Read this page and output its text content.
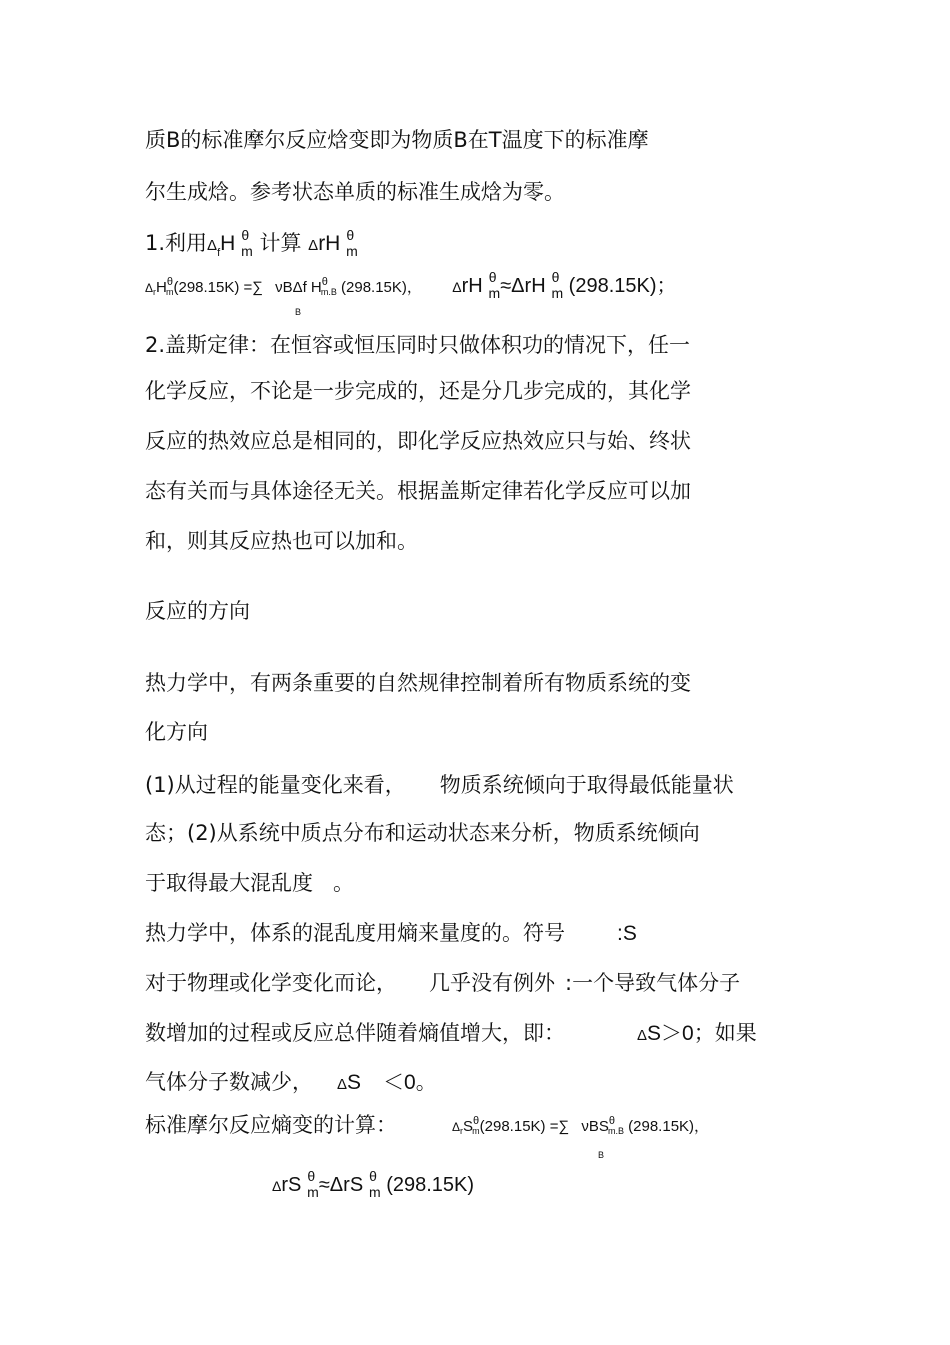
质B的标准摩尔反应焓变即为物质B在T温度下的标准摩
尔生成焓。参考状态单质的标准生成焓为零。
1.利用$\Delta_fH$ $^\theta_m$ 计算 ΔrH $^\theta_m$
$\Delta_rH^\theta_m(298.15K)$ =∑
B
νBΔf $H^\theta_{m.B}$ (298.15K)， ΔrH $^\theta_m$≈ΔrH $^\theta_m$ (298.15K)；
2.盖斯定律：在恒容或恒压同时只做体积功的情况下，任一
化学反应，不论是一步完成的，还是分几步完成的，其化学
反应的热效应总是相同的，即化学反应热效应只与始、终状
态有关而与具体途径无关。根据盖斯定律若化学反应可以加
和，则其反应热也可以加和。
反应的方向
热力学中，有两条重要的自然规律控制着所有物质系统的变
化方向
(1)从过程的能量变化来看， 物质系统倾向于取得最低能量状
态；(2)从系统中质点分布和运动状态来分析，物质系统倾向
于取得最大混乱度 。
热力学中，体系的混乱度用熵来量度的。符号 :S
对于物理或化学变化而论， 几乎没有例外 :一个导致气体分子
数增加的过程或反应总伴随着熵值增大，即：	ΔS＞0；如果
气体分子数减少， ΔS ＜0。
标准摩尔反应熵变的计算：	$\Delta_rS^\theta_m(298.15K)$ =∑
B
νBS$^\theta_{m.B}$ (298.15K)，
ΔrS $^\theta_m$≈ΔrS $^\theta_m$ (298.15K)
